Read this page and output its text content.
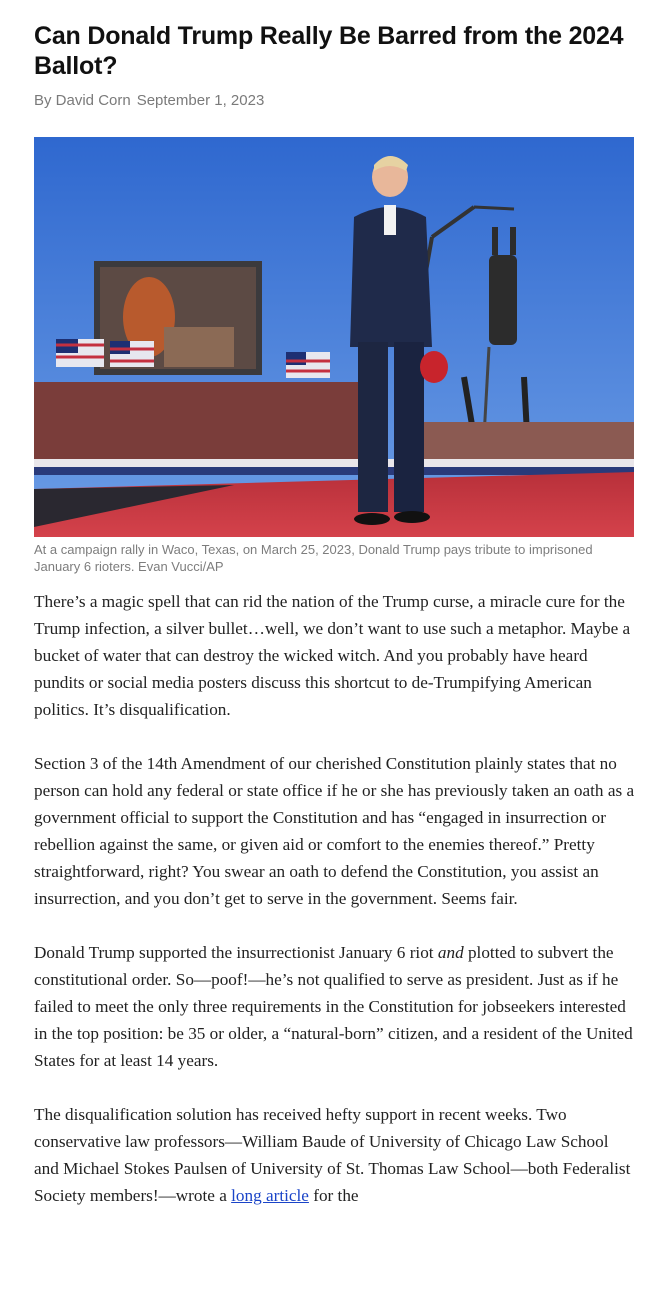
Can Donald Trump Really Be Barred from the 2024 Ballot?
By David Corn September 1, 2023
At a campaign rally in Waco, Texas, on March 25, 2023, Donald Trump pays tribute to imprisoned January 6 rioters. Evan Vucci/AP

There’s a magic spell that can rid the nation of the Trump curse, a miracle cure for the Trump infection, a silver bullet…well, we don’t want to use such a metaphor. Maybe a bucket of water that can destroy the wicked witch. And you probably have heard pundits or social media posters discuss this shortcut to de-Trumpifying American politics. It’s disqualification.

Section 3 of the 14th Amendment of our cherished Constitution plainly states that no person can hold any federal or state office if he or she has previously taken an oath as a government official to support the Constitution and has “engaged in insurrection or rebellion against the same, or given aid or comfort to the enemies thereof.” Pretty straightforward, right? You swear an oath to defend the Constitution, you assist an insurrection, and you don’t get to serve in the government. Seems fair.

Donald Trump supported the insurrectionist January 6 riot and plotted to subvert the constitutional order. So—poof!—he’s not qualified to serve as president. Just as if he failed to meet the only three requirements in the Constitution for jobseekers interested in the top position: be 35 or older, a “natural-born” citizen, and a resident of the United States for at least 14 years.

The disqualification solution has received hefty support in recent weeks. Two conservative law professors—William Baude of University of Chicago Law School and Michael Stokes Paulsen of University of St. Thomas Law School—both Federalist Society members!—wrote a long article for the
